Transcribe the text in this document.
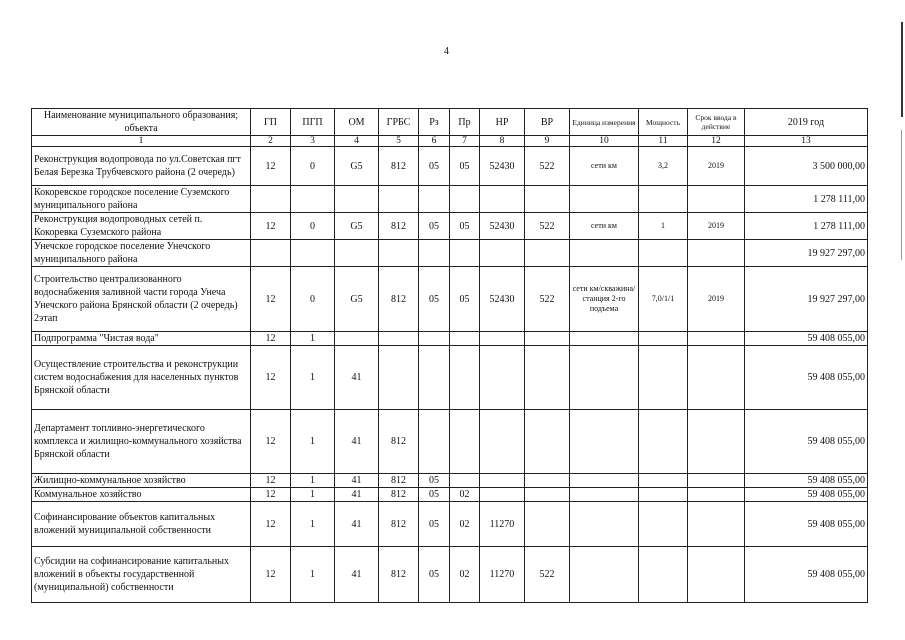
4
Наименование муниципального образования; объекта	ГП	ПГП	ОМ	ГРБС	Рз	Пр	НР	ВР	Единица измерения	Мощность	Срок ввода в действие	2019 год
1	2	3	4	5	6	7	8	9	10	11	12	13
Реконструкция водопровода по ул.Советская пгт Белая Березка Трубчевского района (2 очередь)	12	0	G5	812	05	05	52430	522	сети км	3,2	2019	3 500 000,00
Кокоревское городское поселение Суземского муниципального района												1 278 111,00
Реконструкция водопроводных сетей п. Кокоревка Суземского района	12	0	G5	812	05	05	52430	522	сети км	1	2019	1 278 111,00
Унечское городское поселение Унечского муниципального района												19 927 297,00
Строительство централизованного водоснабжения заливной части города Унеча Унечского района Брянской области (2 очередь) 2этап	12	0	G5	812	05	05	52430	522	сети км/скважина/ станция 2-го подъема	7,0/1/1	2019	19 927 297,00
Подпрограмма "Чистая вода"	12	1										59 408 055,00
Осуществление строительства и реконструкции систем водоснабжения для населенных пунктов Брянской области	12	1	41									59 408 055,00
Департамент топливно-энергетического комплекса и жилищно-коммунального хозяйства Брянской области	12	1	41	812								59 408 055,00
Жилищно-коммунальное хозяйство	12	1	41	812	05							59 408 055,00
Коммунальное хозяйство	12	1	41	812	05	02						59 408 055,00
Софинансирование объектов капитальных вложений муниципальной собственности	12	1	41	812	05	02	11270					59 408 055,00
Субсидии на софинансирование капитальных вложений в объекты государственной (муниципальной) собственности	12	1	41	812	05	02	11270	522				59 408 055,00
